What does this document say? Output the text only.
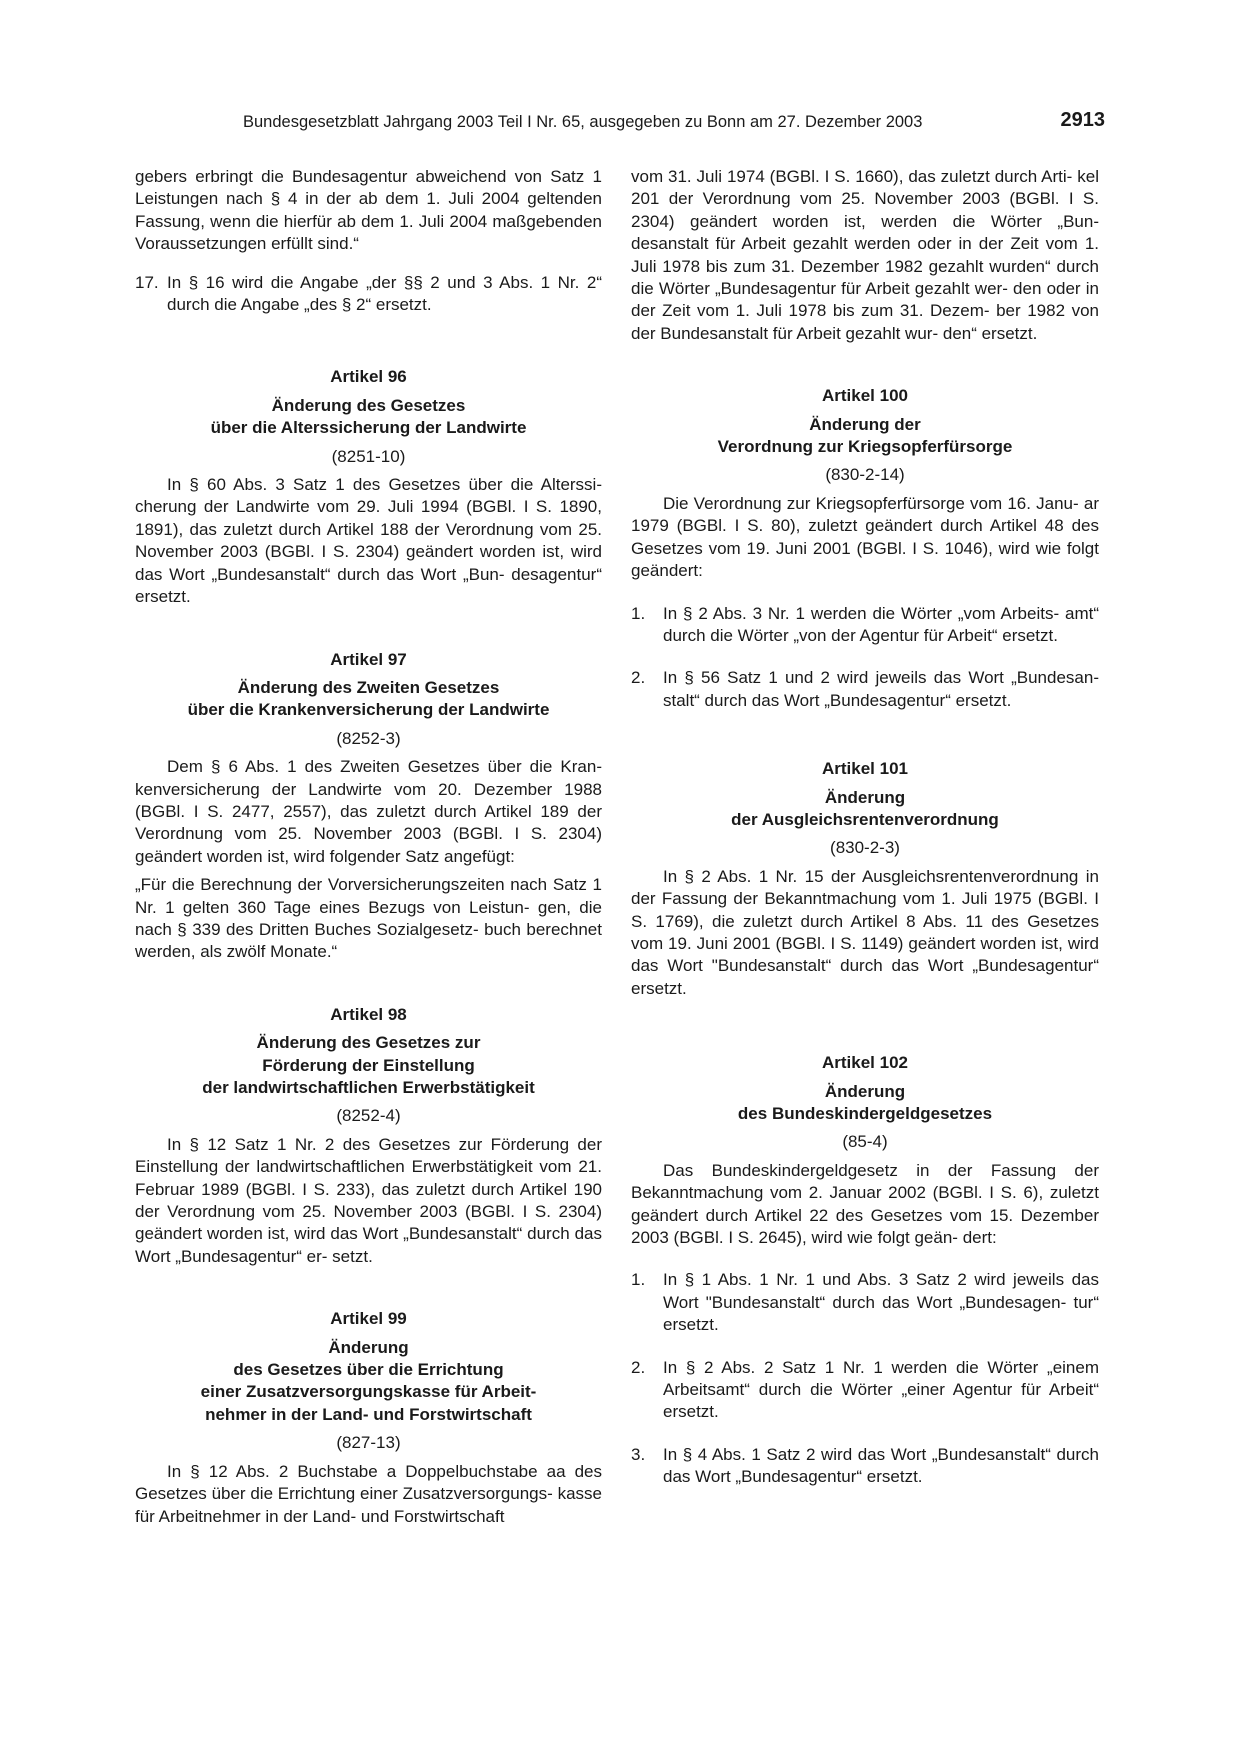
Bundesgesetzblatt Jahrgang 2003 Teil I Nr. 65, ausgegeben zu Bonn am 27. Dezember 2003	2913

gebers erbringt die Bundesagentur abweichend von Satz 1 Leistungen nach § 4 in der ab dem 1. Juli 2004 geltenden Fassung, wenn die hierfür ab dem 1. Juli 2004 maßgebenden Voraussetzungen erfüllt sind.“

17. In § 16 wird die Angabe „der §§ 2 und 3 Abs. 1 Nr. 2“ durch die Angabe „des § 2“ ersetzt.

Artikel 96

Änderung des Gesetzes
über die Alterssicherung der Landwirte

(8251-10)

In § 60 Abs. 3 Satz 1 des Gesetzes über die Alterssi- cherung der Landwirte vom 29. Juli 1994 (BGBl. I S. 1890, 1891), das zuletzt durch Artikel 188 der Verordnung vom 25. November 2003 (BGBl. I S. 2304) geändert worden ist, wird das Wort „Bundesanstalt“ durch das Wort „Bun- desagentur“ ersetzt.

Artikel 97

Änderung des Zweiten Gesetzes
über die Krankenversicherung der Landwirte

(8252-3)

Dem § 6 Abs. 1 des Zweiten Gesetzes über die Kran- kenversicherung der Landwirte vom 20. Dezember 1988 (BGBl. I S. 2477, 2557), das zuletzt durch Artikel 189 der Verordnung vom 25. November 2003 (BGBl. I S. 2304) geändert worden ist, wird folgender Satz angefügt:

„Für die Berechnung der Vorversicherungszeiten nach Satz 1 Nr. 1 gelten 360 Tage eines Bezugs von Leistun- gen, die nach § 339 des Dritten Buches Sozialgesetz- buch berechnet werden, als zwölf Monate.“

Artikel 98

Änderung des Gesetzes zur
Förderung der Einstellung
der landwirtschaftlichen Erwerbstätigkeit

(8252-4)

In § 12 Satz 1 Nr. 2 des Gesetzes zur Förderung der Einstellung der landwirtschaftlichen Erwerbstätigkeit vom 21. Februar 1989 (BGBl. I S. 233), das zuletzt durch Artikel 190 der Verordnung vom 25. November 2003 (BGBl. I S. 2304) geändert worden ist, wird das Wort „Bundesanstalt“ durch das Wort „Bundesagentur“ er- setzt.

Artikel 99

Änderung
des Gesetzes über die Errichtung
einer Zusatzversorgungskasse für Arbeit-
nehmer in der Land- und Forstwirtschaft

(827-13)

In § 12 Abs. 2 Buchstabe a Doppelbuchstabe aa des Gesetzes über die Errichtung einer Zusatzversorgungs- kasse für Arbeitnehmer in der Land- und Forstwirtschaft

vom 31. Juli 1974 (BGBl. I S. 1660), das zuletzt durch Arti- kel 201 der Verordnung vom 25. November 2003 (BGBl. I S. 2304) geändert worden ist, werden die Wörter „Bun- desanstalt für Arbeit gezahlt werden oder in der Zeit vom 1. Juli 1978 bis zum 31. Dezember 1982 gezahlt wurden“ durch die Wörter „Bundesagentur für Arbeit gezahlt wer- den oder in der Zeit vom 1. Juli 1978 bis zum 31. Dezem- ber 1982 von der Bundesanstalt für Arbeit gezahlt wur- den“ ersetzt.

Artikel 100

Änderung der
Verordnung zur Kriegsopferfürsorge

(830-2-14)

Die Verordnung zur Kriegsopferfürsorge vom 16. Janu- ar 1979 (BGBl. I S. 80), zuletzt geändert durch Artikel 48 des Gesetzes vom 19. Juni 2001 (BGBl. I S. 1046), wird wie folgt geändert:

1. In § 2 Abs. 3 Nr. 1 werden die Wörter „vom Arbeits- amt“ durch die Wörter „von der Agentur für Arbeit“ ersetzt.
2. In § 56 Satz 1 und 2 wird jeweils das Wort „Bundesan- stalt“ durch das Wort „Bundesagentur“ ersetzt.

Artikel 101

Änderung
der Ausgleichsrentenverordnung

(830-2-3)

In § 2 Abs. 1 Nr. 15 der Ausgleichsrentenverordnung in der Fassung der Bekanntmachung vom 1. Juli 1975 (BGBl. I S. 1769), die zuletzt durch Artikel 8 Abs. 11 des Gesetzes vom 19. Juni 2001 (BGBl. I S. 1149) geändert worden ist, wird das Wort "Bundesanstalt“ durch das Wort „Bundesagentur“ ersetzt.

Artikel 102

Änderung
des Bundeskindergeldgesetzes

(85-4)

Das Bundeskindergeldgesetz in der Fassung der Bekanntmachung vom 2. Januar 2002 (BGBl. I S. 6), zuletzt geändert durch Artikel 22 des Gesetzes vom 15. Dezember 2003 (BGBl. I S. 2645), wird wie folgt geän- dert:

1. In § 1 Abs. 1 Nr. 1 und Abs. 3 Satz 2 wird jeweils das Wort "Bundesanstalt“ durch das Wort „Bundesagen- tur“ ersetzt.
2. In § 2 Abs. 2 Satz 1 Nr. 1 werden die Wörter „einem Arbeitsamt“ durch die Wörter „einer Agentur für Arbeit“ ersetzt.
3. In § 4 Abs. 1 Satz 2 wird das Wort „Bundesanstalt“ durch das Wort „Bundesagentur“ ersetzt.
